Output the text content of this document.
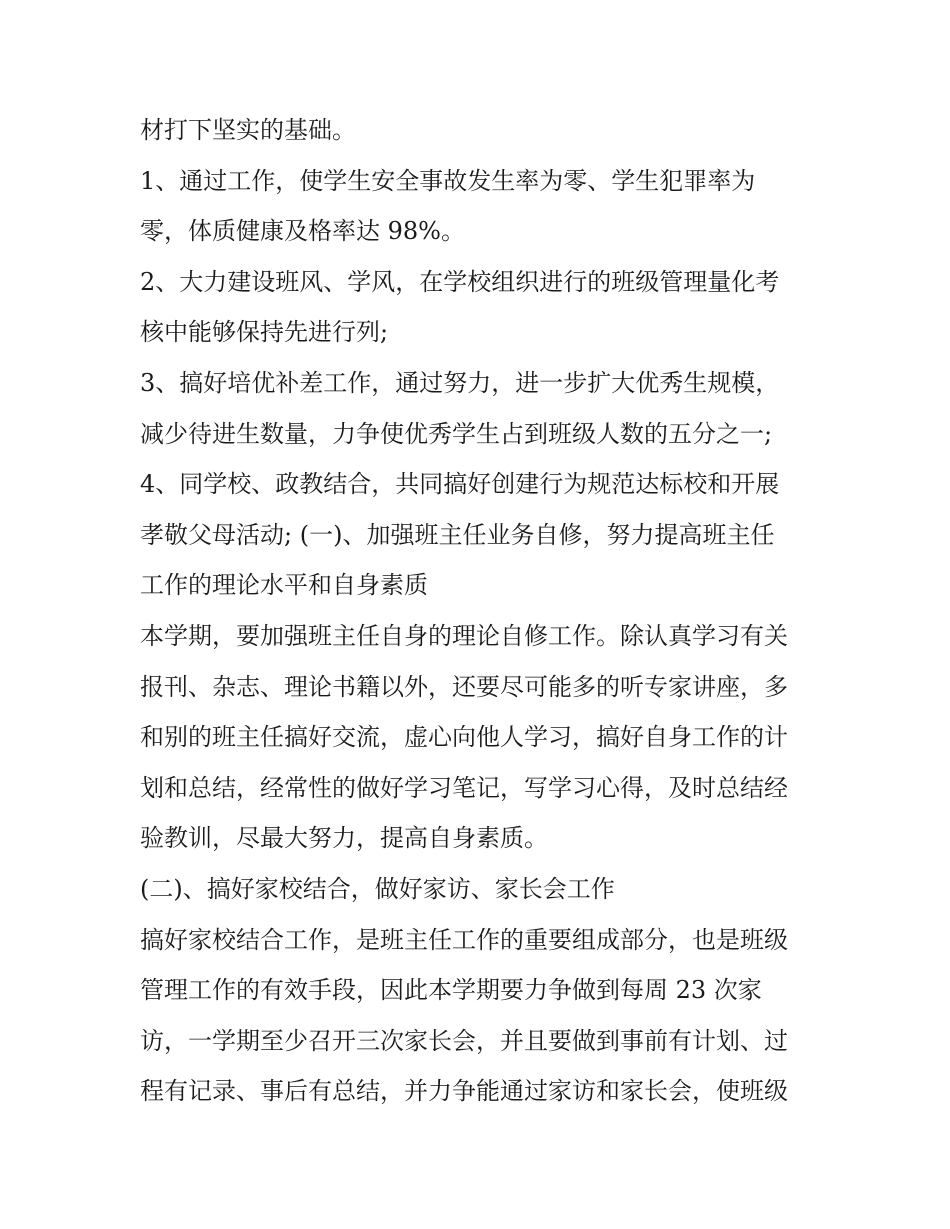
材打下坚实的基础。
1、通过工作，使学生安全事故发生率为零、学生犯罪率为
零，体质健康及格率达 98%。
2、大力建设班风、学风，在学校组织进行的班级管理量化考
核中能够保持先进行列;
3、搞好培优补差工作，通过努力，进一步扩大优秀生规模，
减少待进生数量，力争使优秀学生占到班级人数的五分之一;
4、同学校、政教结合，共同搞好创建行为规范达标校和开展
孝敬父母活动; (一)、加强班主任业务自修，努力提高班主任
工作的理论水平和自身素质
本学期，要加强班主任自身的理论自修工作。除认真学习有关
报刊、杂志、理论书籍以外，还要尽可能多的听专家讲座，多
和别的班主任搞好交流，虚心向他人学习，搞好自身工作的计
划和总结，经常性的做好学习笔记，写学习心得，及时总结经
验教训，尽最大努力，提高自身素质。
(二)、搞好家校结合，做好家访、家长会工作
搞好家校结合工作，是班主任工作的重要组成部分，也是班级
管理工作的有效手段，因此本学期要力争做到每周 23 次家
访，一学期至少召开三次家长会，并且要做到事前有计划、过
程有记录、事后有总结，并力争能通过家访和家长会，使班级
